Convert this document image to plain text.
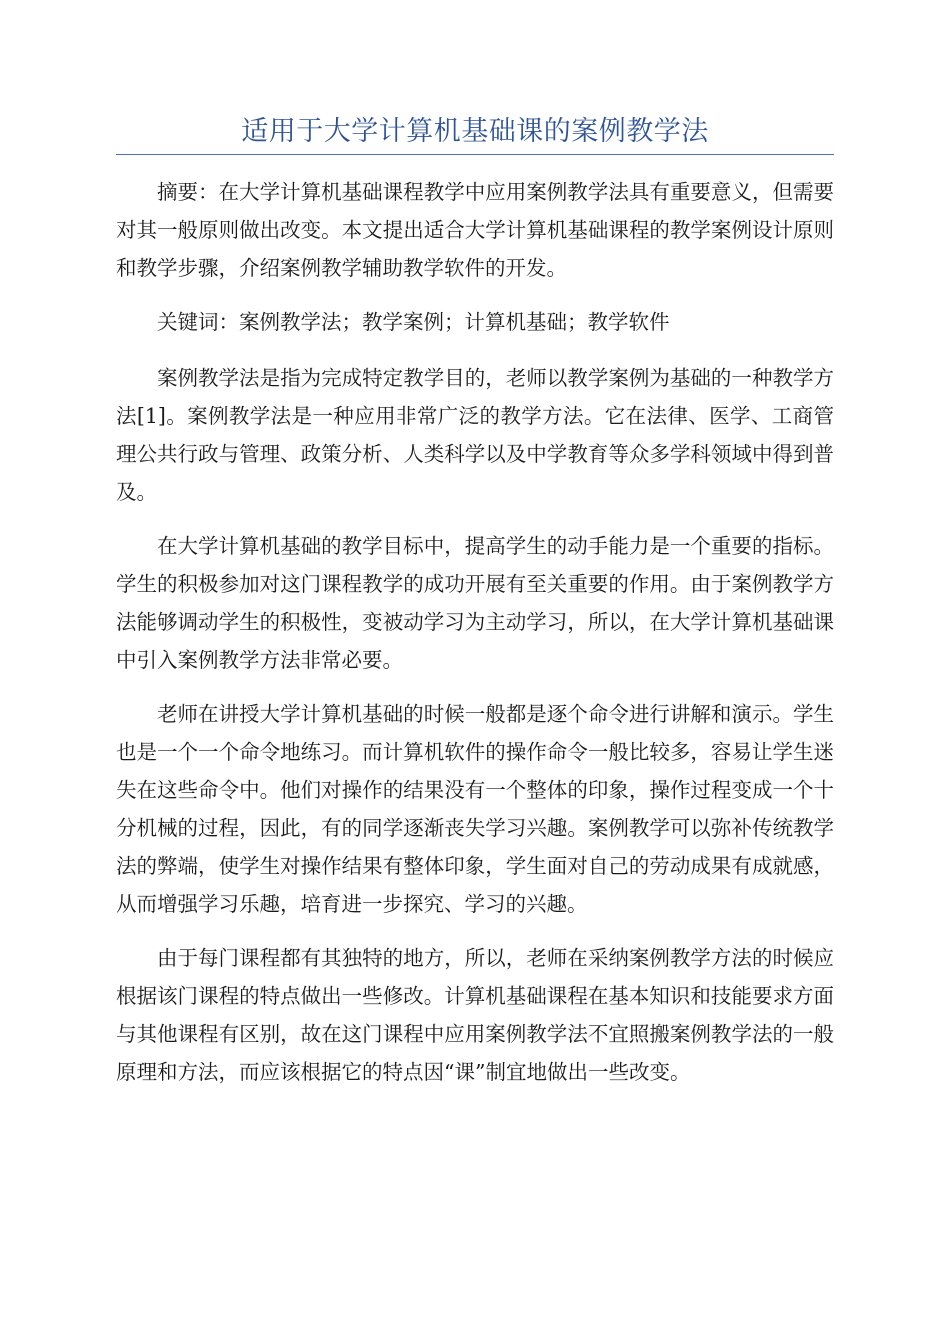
适用于大学计算机基础课的案例教学法

摘要：在大学计算机基础课程教学中应用案例教学法具有重要意义，但需要对其一般原则做出改变。本文提出适合大学计算机基础课程的教学案例设计原则和教学步骤，介绍案例教学辅助教学软件的开发。

关键词：案例教学法；教学案例；计算机基础；教学软件

案例教学法是指为完成特定教学目的，老师以教学案例为基础的一种教学方法[1]。案例教学法是一种应用非常广泛的教学方法。它在法律、医学、工商管理公共行政与管理、政策分析、人类科学以及中学教育等众多学科领域中得到普及。

在大学计算机基础的教学目标中，提高学生的动手能力是一个重要的指标。学生的积极参加对这门课程教学的成功开展有至关重要的作用。由于案例教学方法能够调动学生的积极性，变被动学习为主动学习，所以，在大学计算机基础课中引入案例教学方法非常必要。

老师在讲授大学计算机基础的时候一般都是逐个命令进行讲解和演示。学生也是一个一个命令地练习。而计算机软件的操作命令一般比较多，容易让学生迷失在这些命令中。他们对操作的结果没有一个整体的印象，操作过程变成一个十分机械的过程，因此，有的同学逐渐丧失学习兴趣。案例教学可以弥补传统教学法的弊端，使学生对操作结果有整体印象，学生面对自己的劳动成果有成就感，从而增强学习乐趣，培育进一步探究、学习的兴趣。

由于每门课程都有其独特的地方，所以，老师在采纳案例教学方法的时候应根据该门课程的特点做出一些修改。计算机基础课程在基本知识和技能要求方面与其他课程有区别，故在这门课程中应用案例教学法不宜照搬案例教学法的一般原理和方法，而应该根据它的特点因“课”制宜地做出一些改变。
